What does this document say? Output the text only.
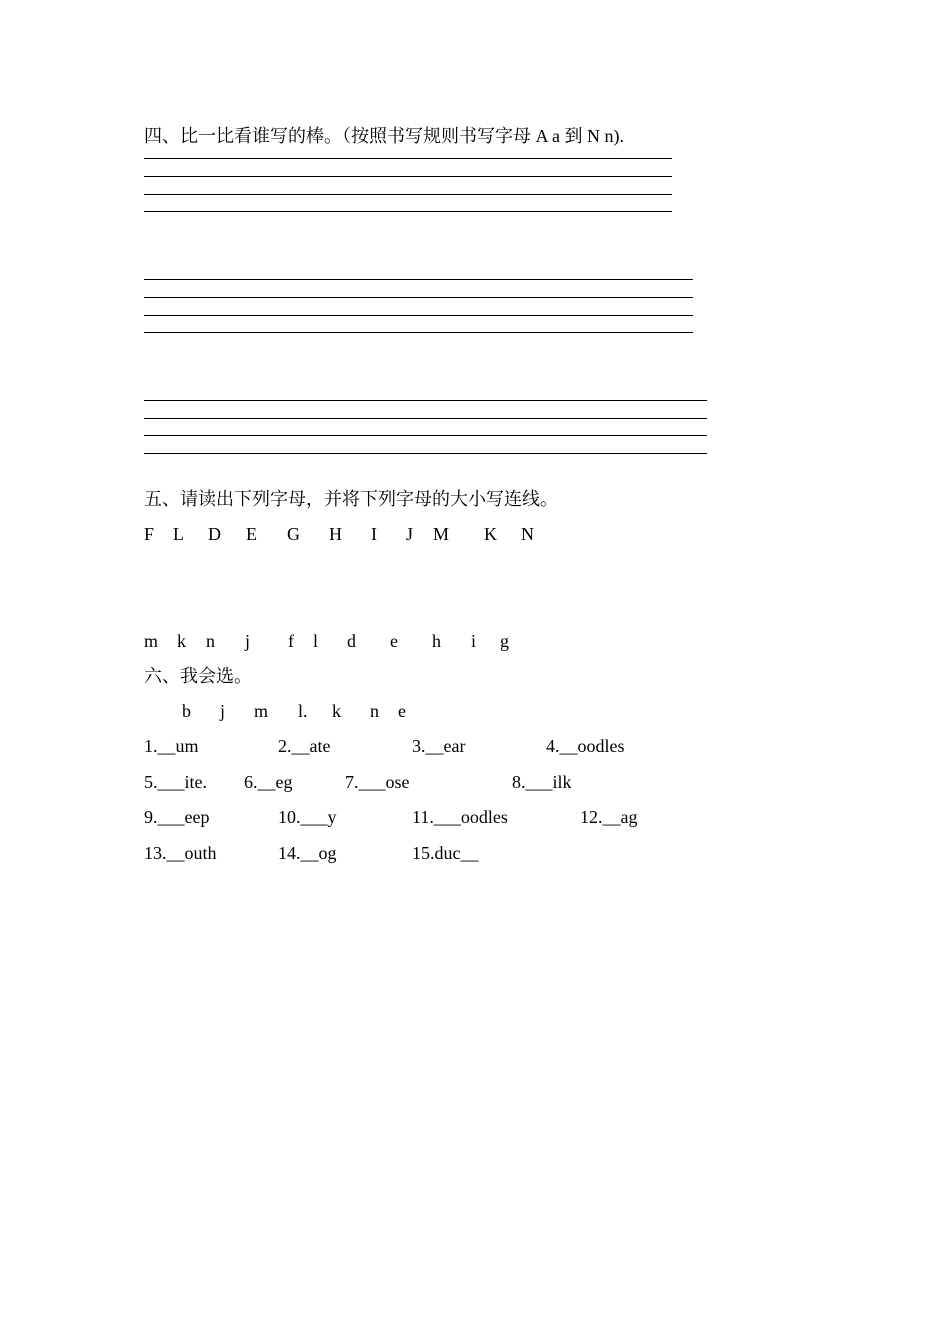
四、比一比看谁写的棒。（按照书写规则书写字母 A a 到 N n).
五、请读出下列字母，并将下列字母的大小写连线。
F L D E G H I J M K N
m k n j f l d e h i g
六、我会选。
b j m l. k n e
1.__um	2.__ate	3.__ear	4.__oodles
5.___ite. 6.__eg	7.___ose	8.___ilk
9.___eep	10.___y	11.___oodles	12.__ag
13.__outh	14.__og	15.duc__
